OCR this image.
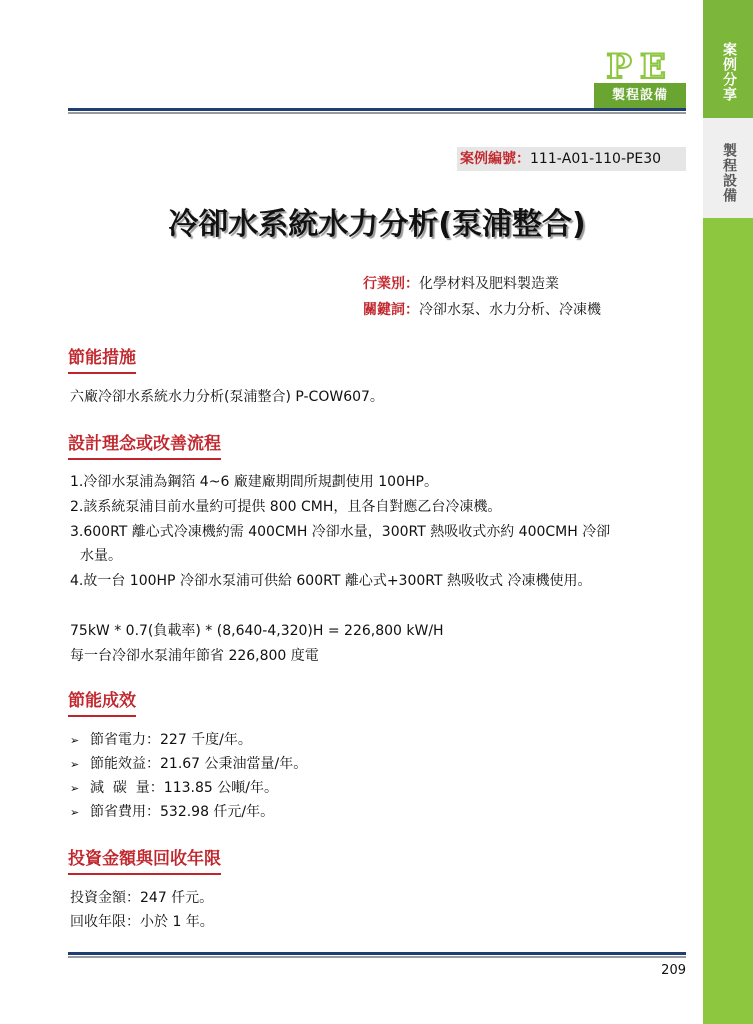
案例分享
製程設備
PE
製程設備
案例編號：111-A01-110-PE30
冷卻水系統水力分析(泵浦整合)
行業別：化學材料及肥料製造業
關鍵詞：冷卻水泵、水力分析、冷凍機
節能措施
六廠冷卻水系統水力分析(泵浦整合) P-COW607。
設計理念或改善流程
1.冷卻水泵浦為鋼箔 4~6 廠建廠期間所規劃使用 100HP。
2.該系統泵浦目前水量約可提供 800 CMH，且各自對應乙台冷凍機。
3.600RT 離心式冷凍機約需 400CMH 冷卻水量，300RT 熱吸收式亦約 400CMH 冷卻
水量。
4.故一台 100HP 冷卻水泵浦可供給 600RT 離心式+300RT 熱吸收式 冷凍機使用。
75kW * 0.7(負載率) * (8,640-4,320)H = 226,800 kW/H
每一台冷卻水泵浦年節省 226,800 度電
節能成效
➢ 節省電力：227 千度/年。
➢ 節能效益：21.67 公秉油當量/年。
➢ 減  碳  量：113.85 公噸/年。
➢ 節省費用：532.98 仟元/年。
投資金額與回收年限
投資金額：247 仟元。
回收年限：小於 1 年。
209
